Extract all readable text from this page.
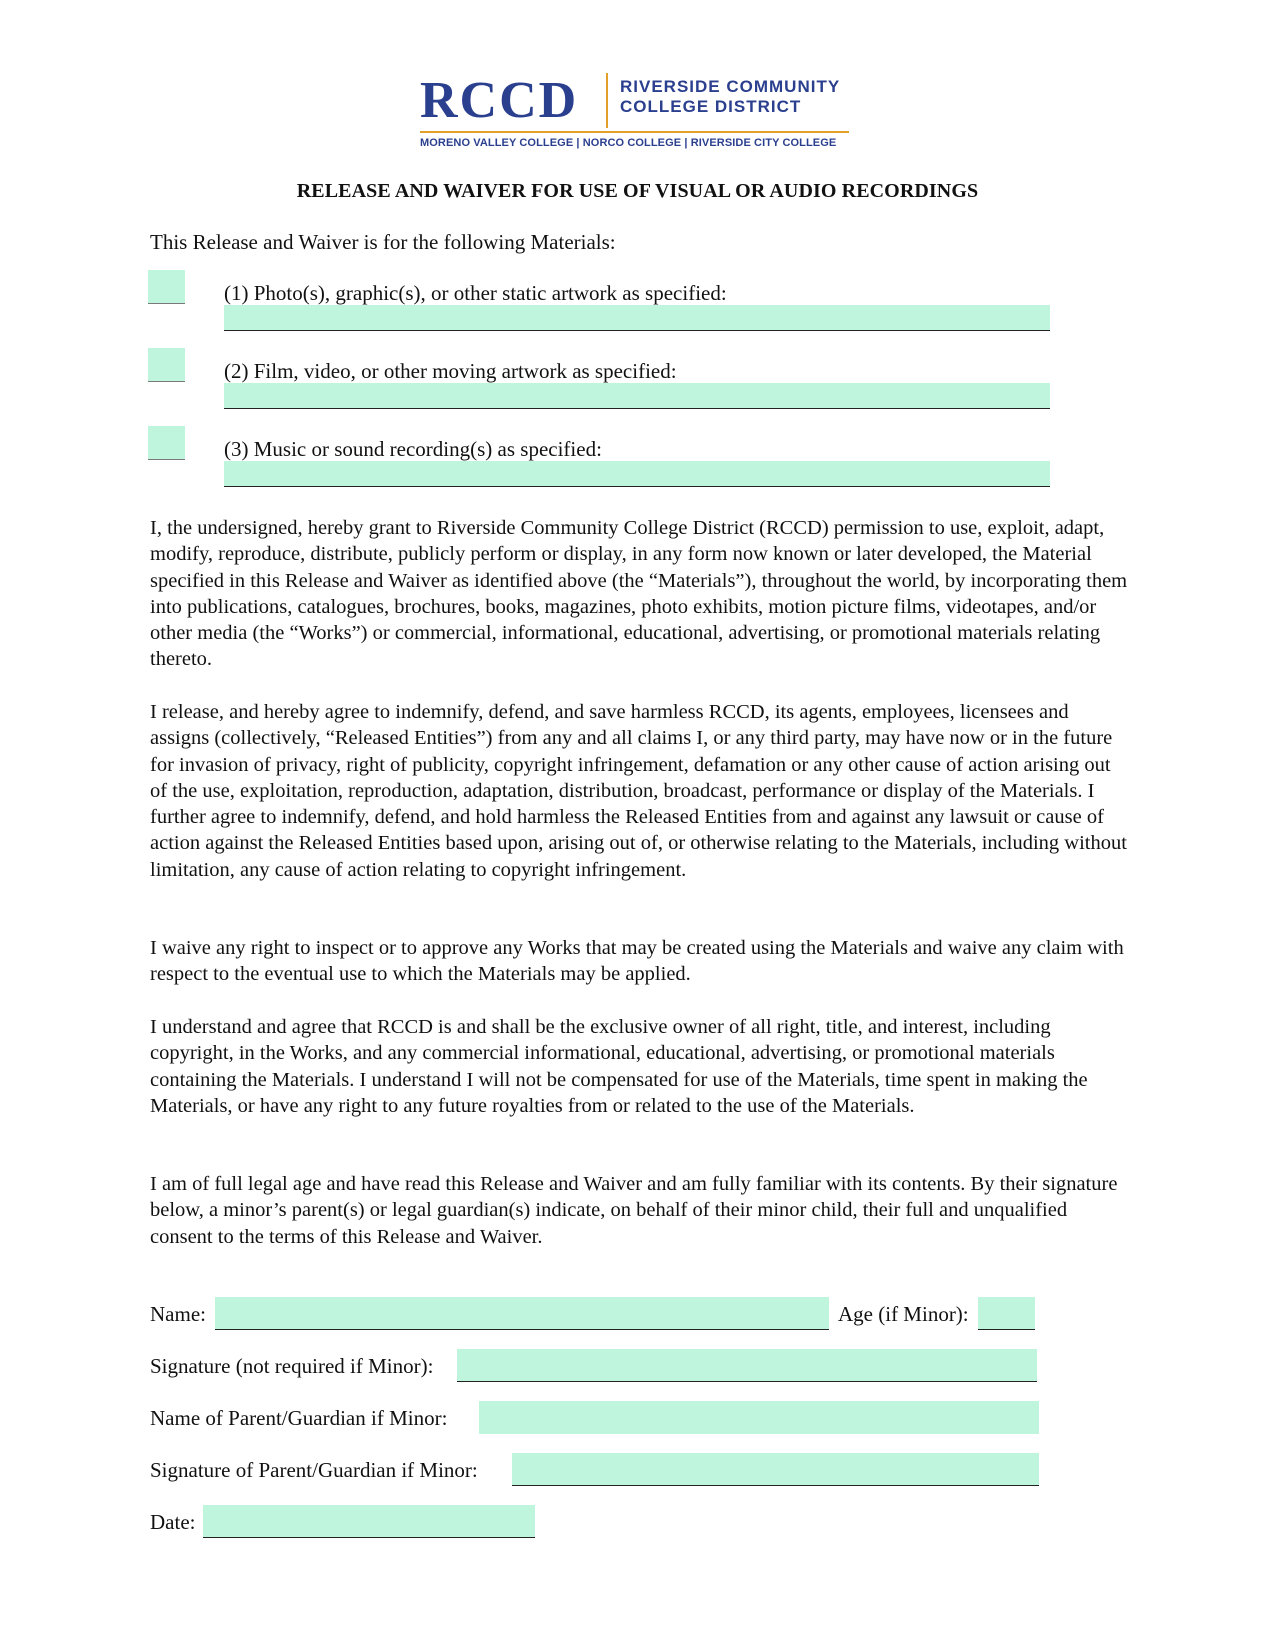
RCCD RIVERSIDE COMMUNITY
COLLEGE DISTRICT
MORENO VALLEY COLLEGE | NORCO COLLEGE | RIVERSIDE CITY COLLEGE
RELEASE AND WAIVER FOR USE OF VISUAL OR AUDIO RECORDINGS
This Release and Waiver is for the following Materials:
(1) Photo(s), graphic(s), or other static artwork as specified:
(2) Film, video, or other moving artwork as specified:
(3) Music or sound recording(s) as specified:
I, the undersigned, hereby grant to Riverside Community College District (RCCD) permission to use, exploit, adapt, modify, reproduce, distribute, publicly perform or display, in any form now known or later developed, the Material specified in this Release and Waiver as identified above (the “Materials”), throughout the world, by incorporating them into publications, catalogues, brochures, books, magazines, photo exhibits, motion picture films, videotapes, and/or other media (the “Works”) or commercial, informational, educational, advertising, or promotional materials relating thereto.
I release, and hereby agree to indemnify, defend, and save harmless RCCD, its agents, employees, licensees and assigns (collectively, “Released Entities”) from any and all claims I, or any third party, may have now or in the future for invasion of privacy, right of publicity, copyright infringement, defamation or any other cause of action arising out of the use, exploitation, reproduction, adaptation, distribution, broadcast, performance or display of the Materials. I further agree to indemnify, defend, and hold harmless the Released Entities from and against any lawsuit or cause of action against the Released Entities based upon, arising out of, or otherwise relating to the Materials, including without limitation, any cause of action relating to copyright infringement.
I waive any right to inspect or to approve any Works that may be created using the Materials and waive any claim with respect to the eventual use to which the Materials may be applied.
I understand and agree that RCCD is and shall be the exclusive owner of all right, title, and interest, including copyright, in the Works, and any commercial informational, educational, advertising, or promotional materials containing the Materials. I understand I will not be compensated for use of the Materials, time spent in making the Materials, or have any right to any future royalties from or related to the use of the Materials.
I am of full legal age and have read this Release and Waiver and am fully familiar with its contents. By their signature below, a minor’s parent(s) or legal guardian(s) indicate, on behalf of their minor child, their full and unqualified consent to the terms of this Release and Waiver.
Name:	Age (if Minor):
Signature (not required if Minor):
Name of Parent/Guardian if Minor:
Signature of Parent/Guardian if Minor:
Date:
